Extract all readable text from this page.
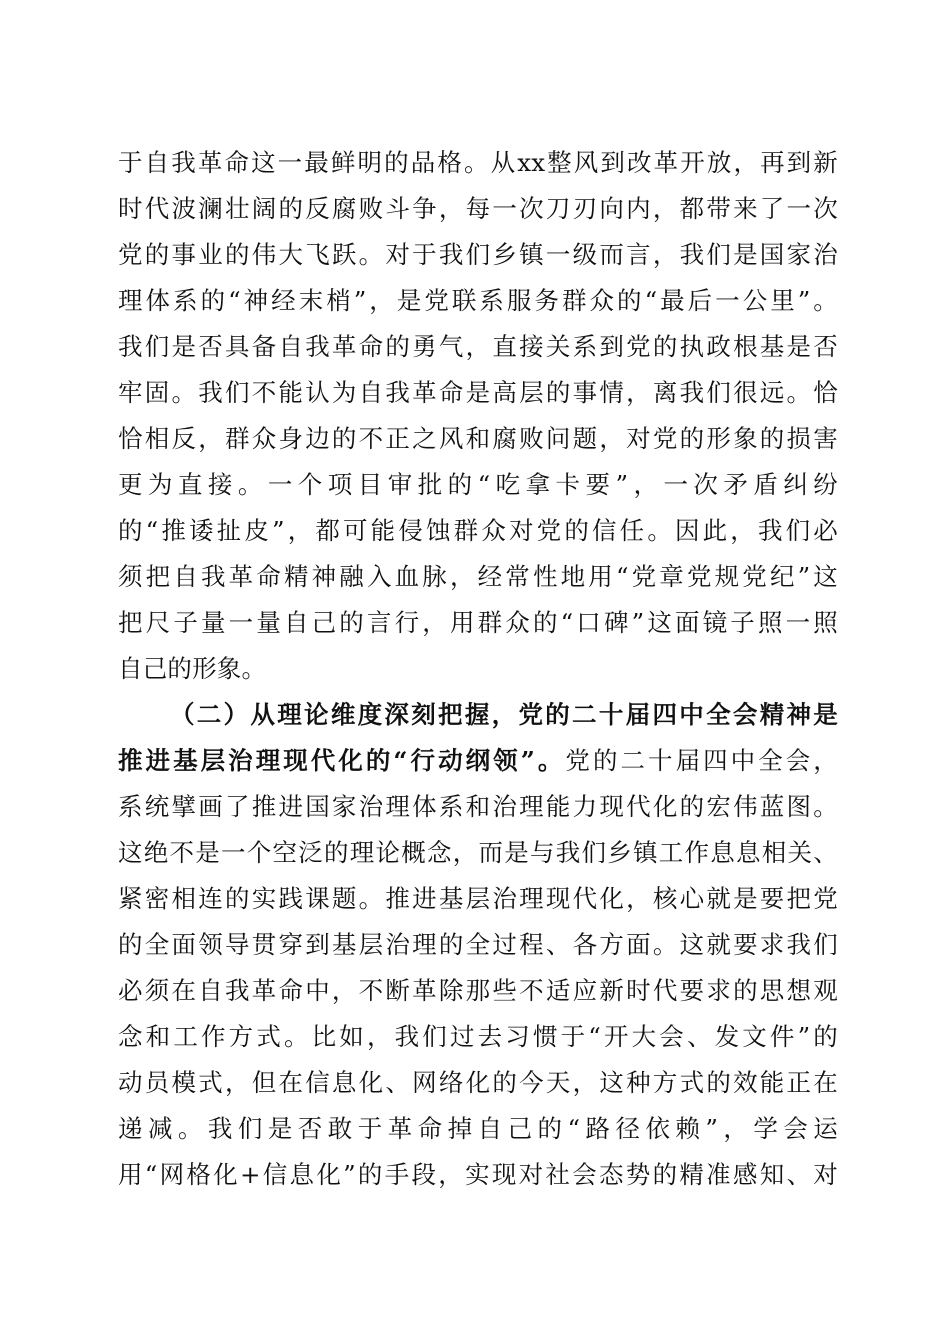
于自我革命这一最鲜明的品格。从xx整风到改革开放，再到新
时代波澜壮阔的反腐败斗争，每一次刀刃向内，都带来了一次
党的事业的伟大飞跃。对于我们乡镇一级而言，我们是国家治
理体系的“神经末梢”，是党联系服务群众的“最后一公里”。
我们是否具备自我革命的勇气，直接关系到党的执政根基是否
牢固。我们不能认为自我革命是高层的事情，离我们很远。恰
恰相反，群众身边的不正之风和腐败问题，对党的形象的损害
更为直接。一个项目审批的“吃拿卡要”，一次矛盾纠纷
的“推诿扯皮”，都可能侵蚀群众对党的信任。因此，我们必
须把自我革命精神融入血脉，经常性地用“党章党规党纪”这
把尺子量一量自己的言行，用群众的“口碑”这面镜子照一照
自己的形象。
（二）从理论维度深刻把握，党的二十届四中全会精神是
推进基层治理现代化的“行动纲领”。党的二十届四中全会，
系统擘画了推进国家治理体系和治理能力现代化的宏伟蓝图。
这绝不是一个空泛的理论概念，而是与我们乡镇工作息息相关、
紧密相连的实践课题。推进基层治理现代化，核心就是要把党
的全面领导贯穿到基层治理的全过程、各方面。这就要求我们
必须在自我革命中，不断革除那些不适应新时代要求的思想观
念和工作方式。比如，我们过去习惯于“开大会、发文件”的
动员模式，但在信息化、网络化的今天，这种方式的效能正在
递减。我们是否敢于革命掉自己的“路径依赖”，学会运
用“网格化+信息化”的手段，实现对社会态势的精准感知、对
